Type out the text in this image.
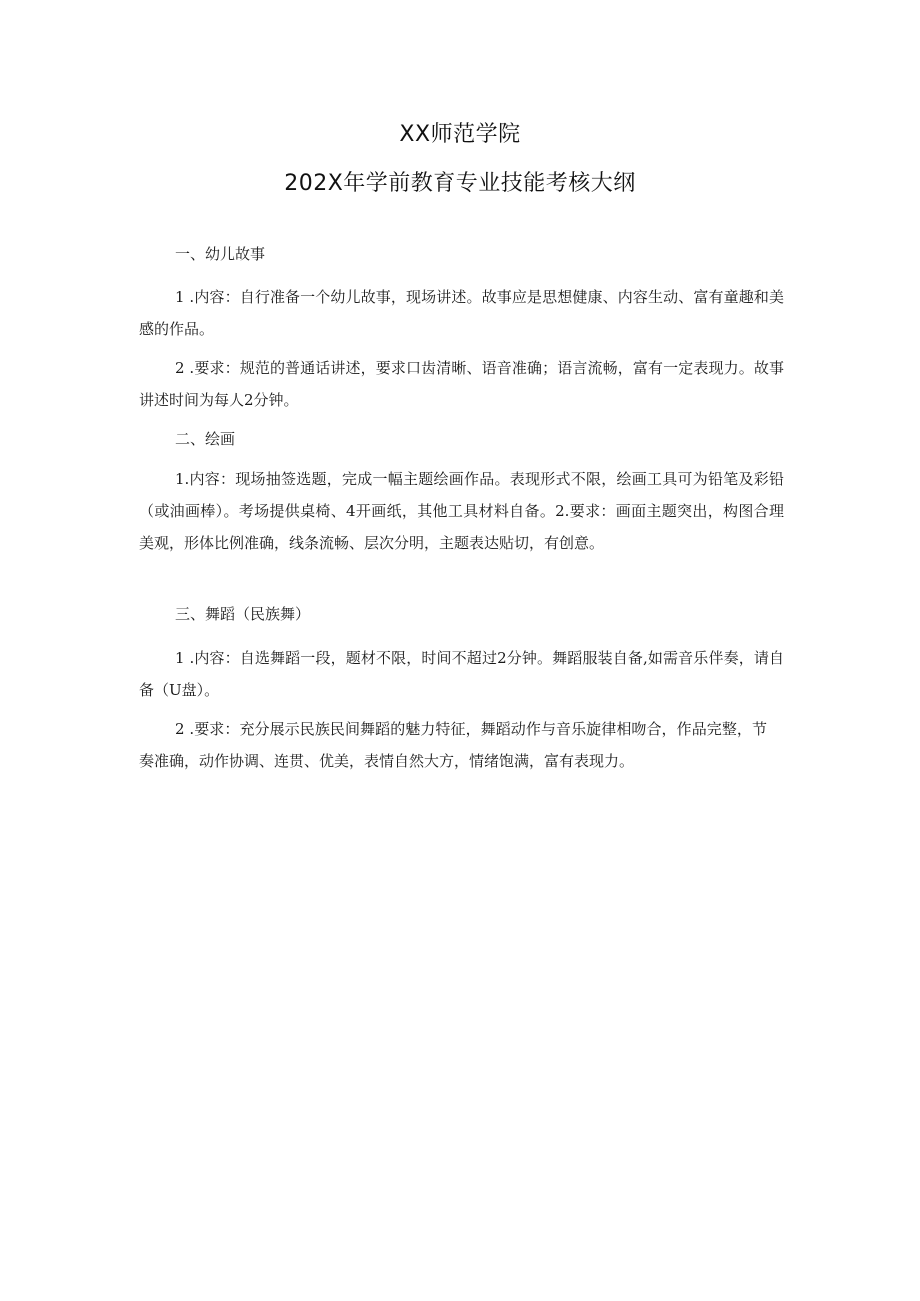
XX师范学院
202X年学前教育专业技能考核大纲
一、幼儿故事
1 .内容：自行准备一个幼儿故事，现场讲述。故事应是思想健康、内容生动、富有童趣和美感的作品。
2 .要求：规范的普通话讲述，要求口齿清晰、语音准确；语言流畅，富有一定表现力。故事讲述时间为每人2分钟。
二、绘画
1.内容：现场抽签选题，完成一幅主题绘画作品。表现形式不限，绘画工具可为铅笔及彩铅（或油画棒）。考场提供桌椅、4开画纸，其他工具材料自备。2.要求：画面主题突出，构图合理美观，形体比例准确，线条流畅、层次分明，主题表达贴切，有创意。
三、舞蹈（民族舞）
1 .内容：自选舞蹈一段，题材不限，时间不超过2分钟。舞蹈服装自备,如需音乐伴奏，请自备（U盘）。
2 .要求：充分展示民族民间舞蹈的魅力特征，舞蹈动作与音乐旋律相吻合，作品完整，节奏准确，动作协调、连贯、优美，表情自然大方，情绪饱满，富有表现力。
